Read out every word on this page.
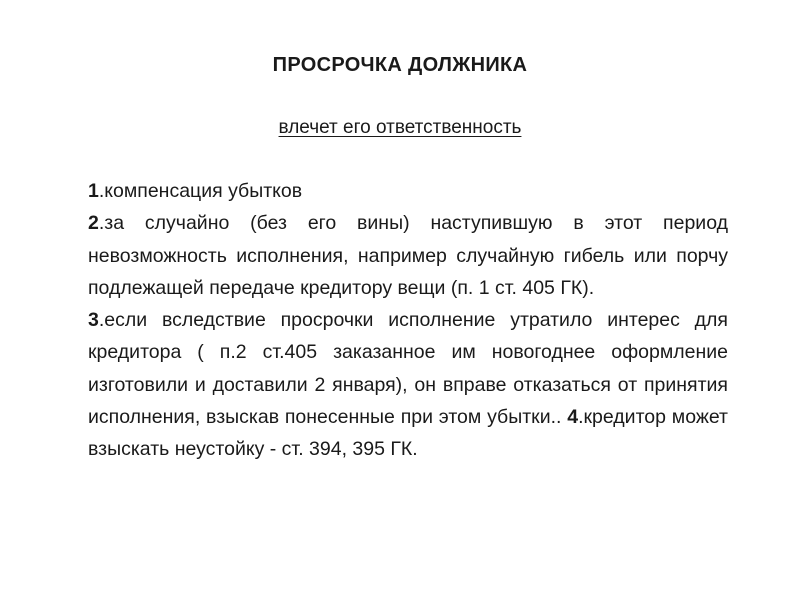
ПРОСРОЧКА ДОЛЖНИКА
влечет его ответственность

1.компенсация убытков

2.за случайно (без его вины) наступившую в этот период невозможность исполнения, например случайную гибель или порчу подлежащей передаче кредитору вещи (п. 1 ст. 405 ГК).

3.если вследствие просрочки исполнение утратило интерес для кредитора ( п.2 ст.405 заказанное им новогоднее оформление изготовили и доставили 2 января), он вправе отказаться от принятия исполнения, взыскав понесенные при этом убытки.. 4.кредитор может взыскать неустойку - ст. 394, 395 ГК.
